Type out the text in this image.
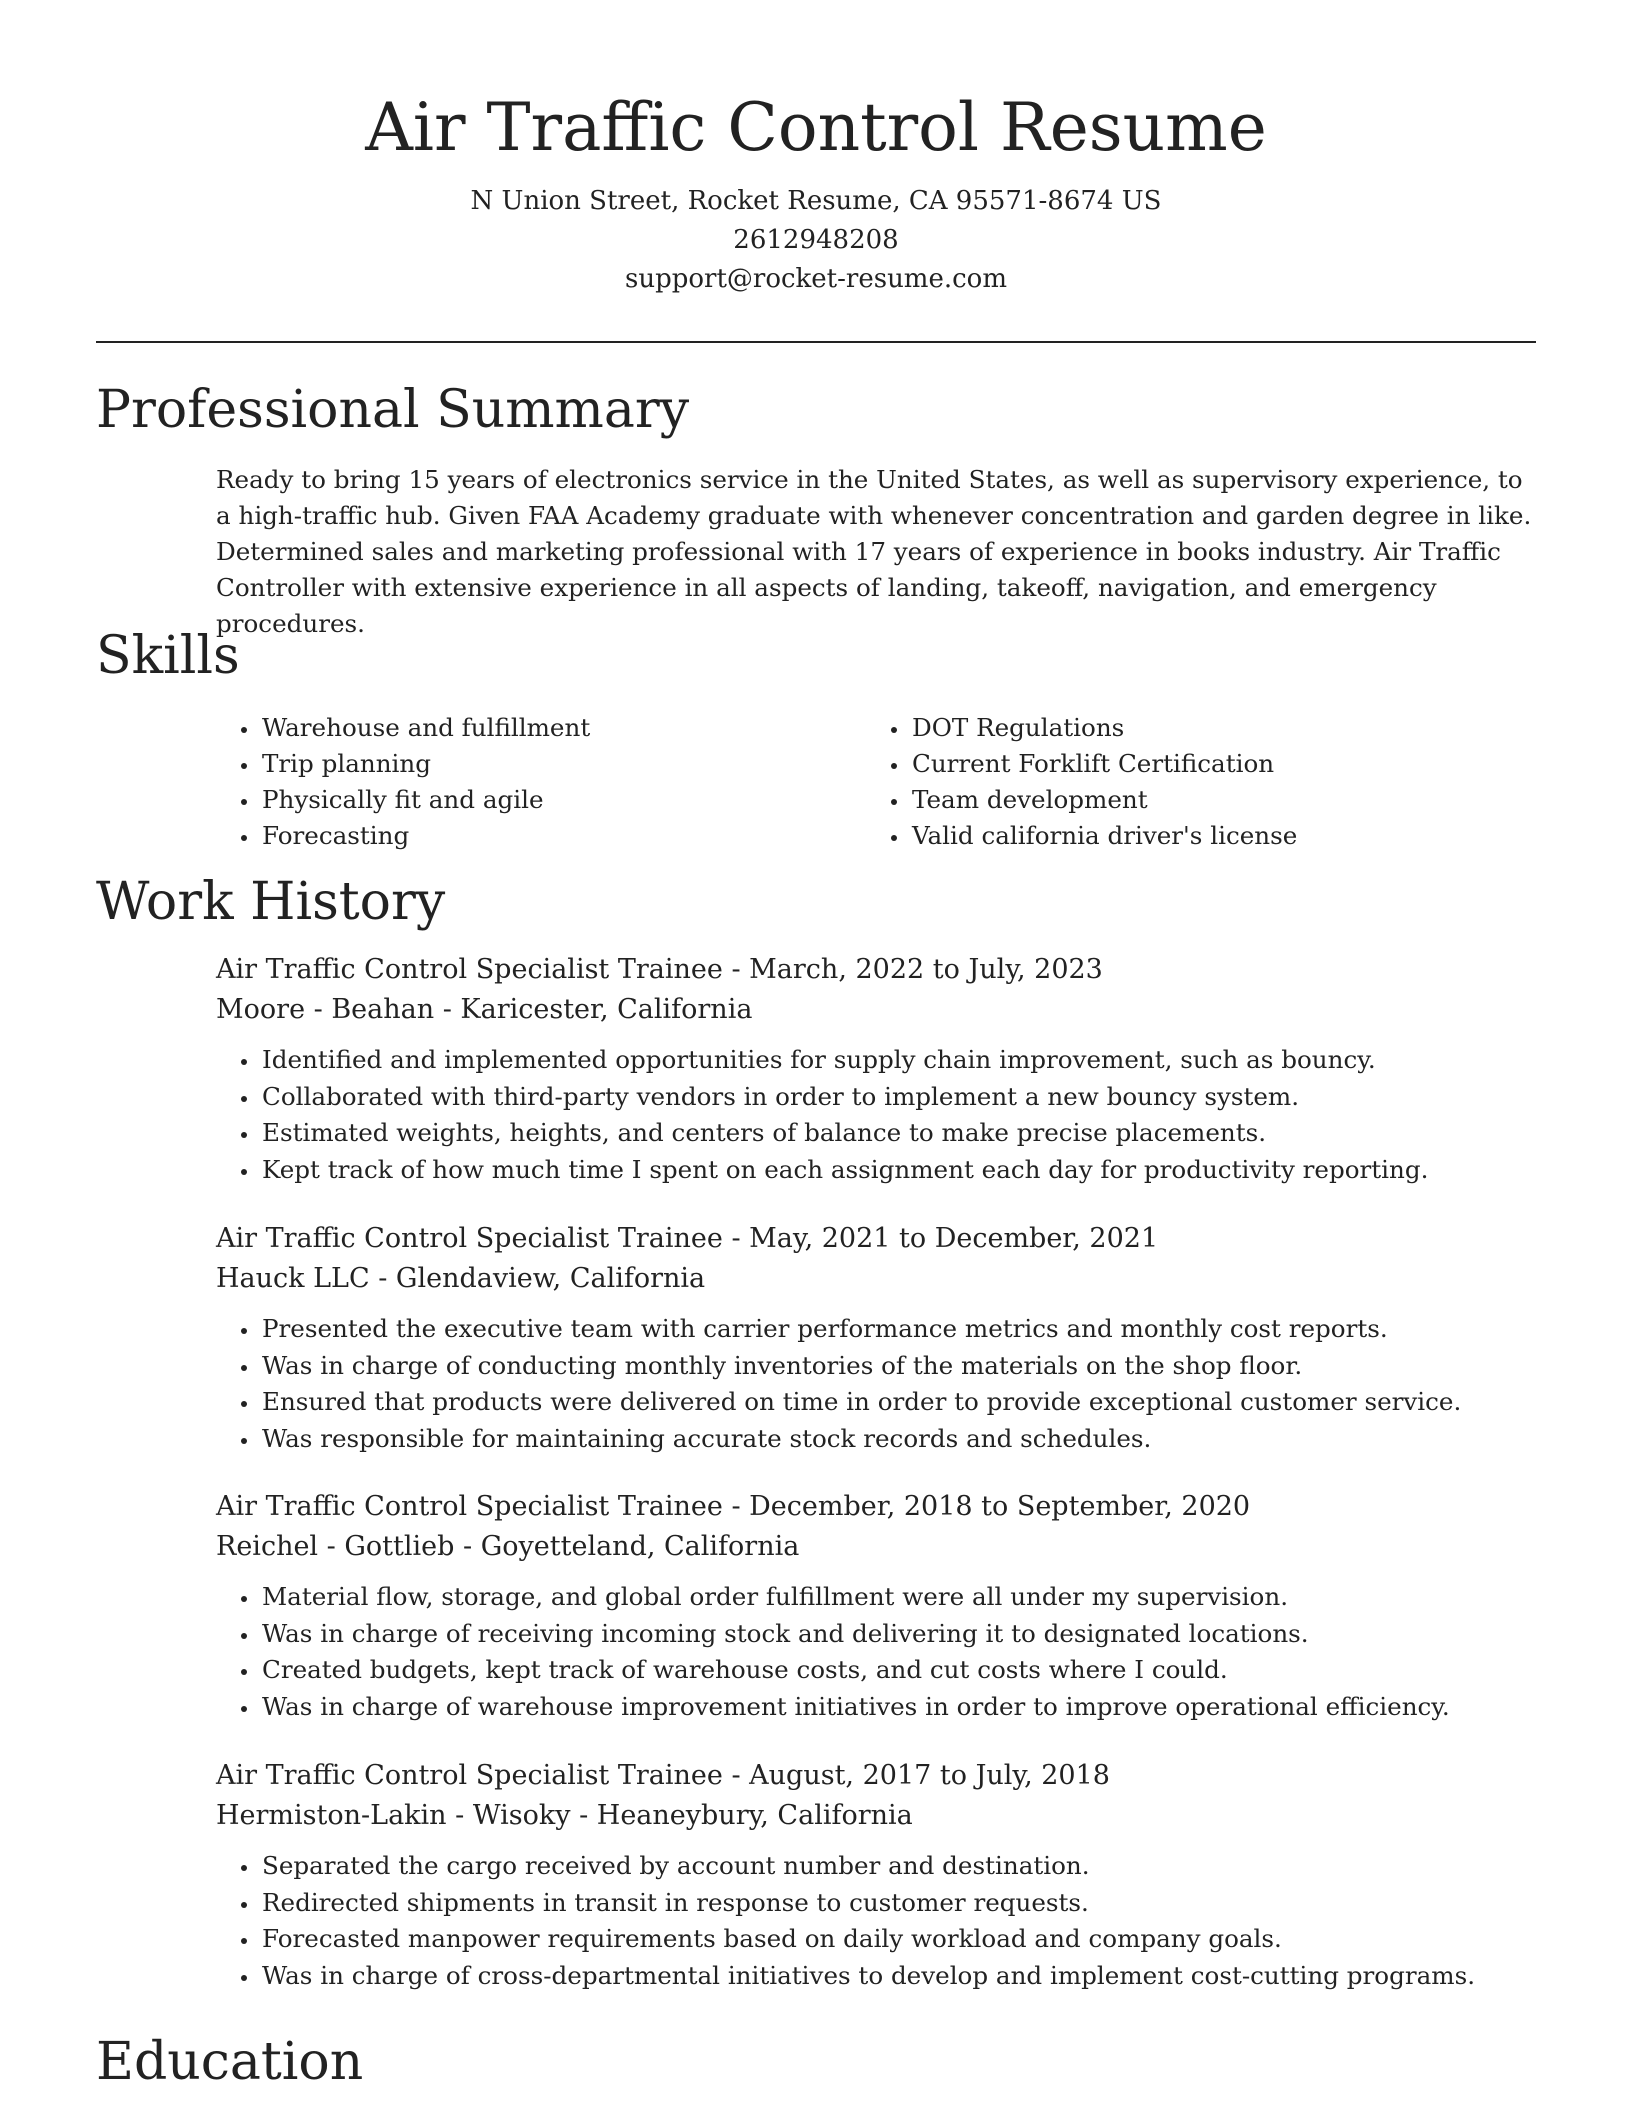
Air Traffic Control Resume
N Union Street, Rocket Resume, CA 95571-8674 US
2612948208
support@rocket-resume.com
Professional Summary
Ready to bring 15 years of electronics service in the United States, as well as supervisory experience, to a high-traffic hub. Given FAA Academy graduate with whenever concentration and garden degree in like. Determined sales and marketing professional with 17 years of experience in books industry. Air Traffic Controller with extensive experience in all aspects of landing, takeoff, navigation, and emergency procedures.
Skills
• Warehouse and fulfillment
• Trip planning
• Physically fit and agile
• Forecasting
• DOT Regulations
• Current Forklift Certification
• Team development
• Valid california driver's license
Work History
Air Traffic Control Specialist Trainee - March, 2022 to July, 2023
Moore - Beahan - Karicester, California
• Identified and implemented opportunities for supply chain improvement, such as bouncy.
• Collaborated with third-party vendors in order to implement a new bouncy system.
• Estimated weights, heights, and centers of balance to make precise placements.
• Kept track of how much time I spent on each assignment each day for productivity reporting.
Air Traffic Control Specialist Trainee - May, 2021 to December, 2021
Hauck LLC - Glendaview, California
• Presented the executive team with carrier performance metrics and monthly cost reports.
• Was in charge of conducting monthly inventories of the materials on the shop floor.
• Ensured that products were delivered on time in order to provide exceptional customer service.
• Was responsible for maintaining accurate stock records and schedules.
Air Traffic Control Specialist Trainee - December, 2018 to September, 2020
Reichel - Gottlieb - Goyetteland, California
• Material flow, storage, and global order fulfillment were all under my supervision.
• Was in charge of receiving incoming stock and delivering it to designated locations.
• Created budgets, kept track of warehouse costs, and cut costs where I could.
• Was in charge of warehouse improvement initiatives in order to improve operational efficiency.
Air Traffic Control Specialist Trainee - August, 2017 to July, 2018
Hermiston-Lakin - Wisoky - Heaneybury, California
• Separated the cargo received by account number and destination.
• Redirected shipments in transit in response to customer requests.
• Forecasted manpower requirements based on daily workload and company goals.
• Was in charge of cross-departmental initiatives to develop and implement cost-cutting programs.
Education
